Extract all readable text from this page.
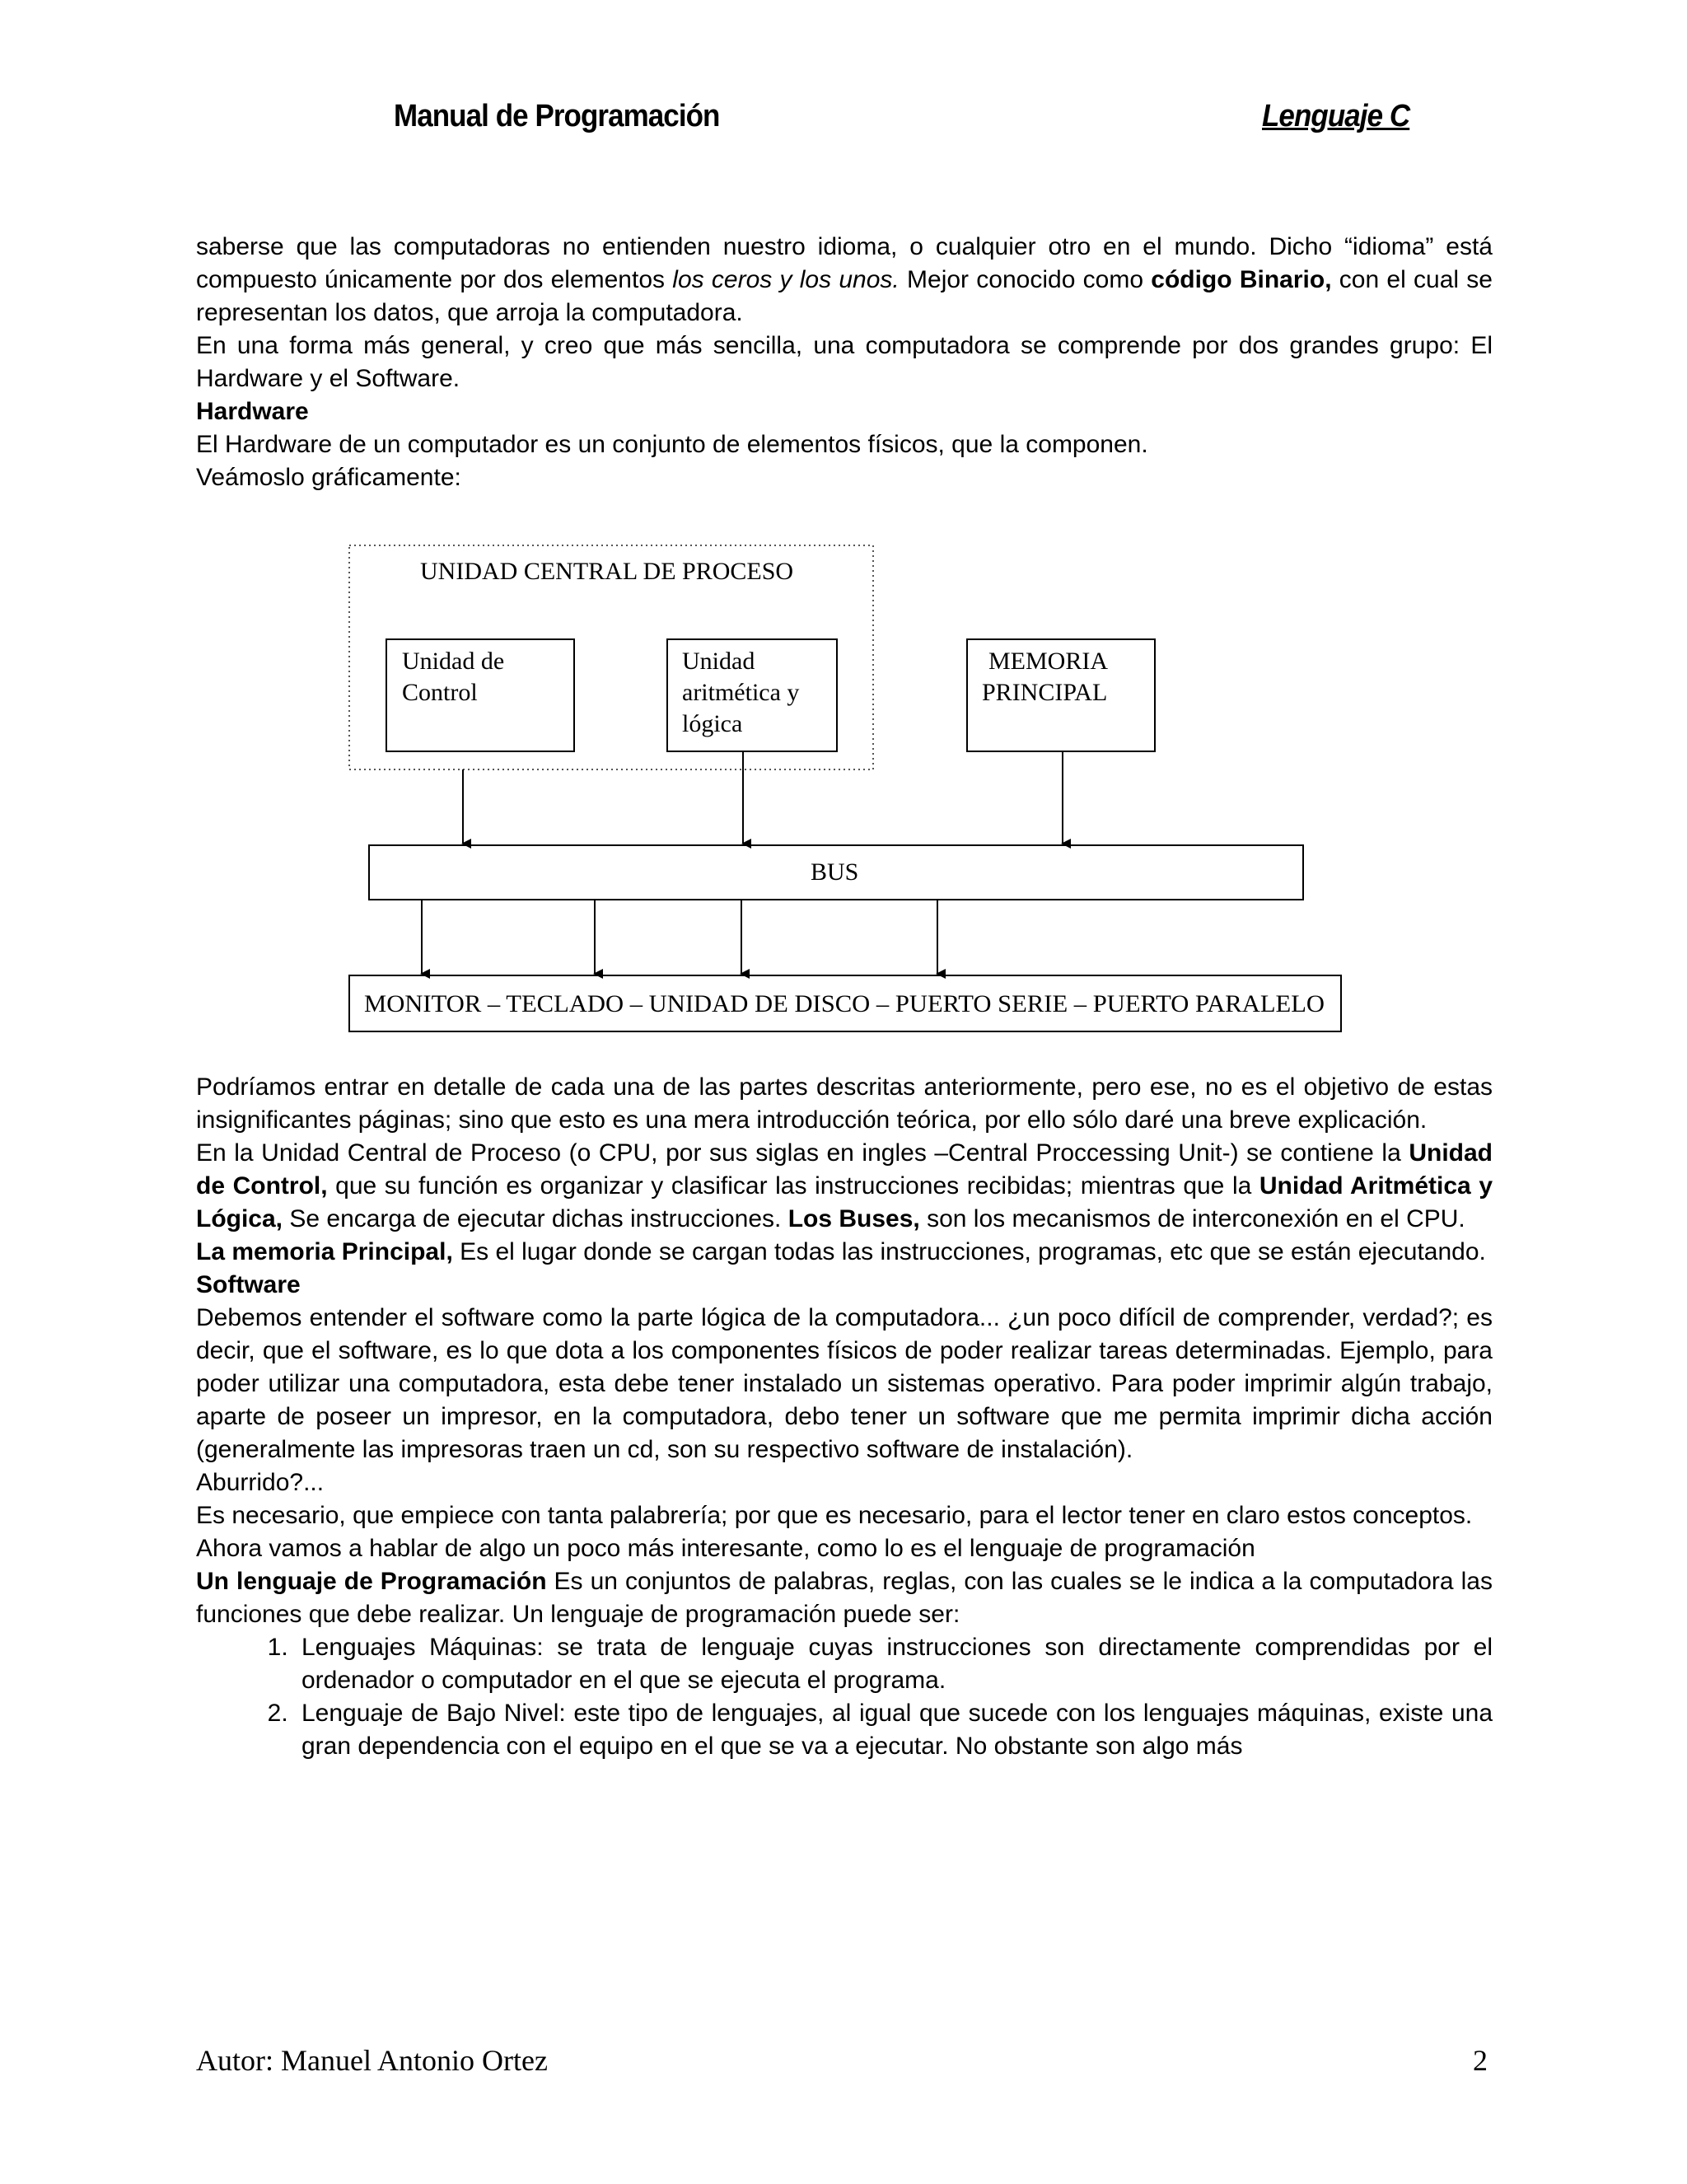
Manual de Programación	Lenguaje C

saberse que las computadoras no entienden nuestro idioma, o cualquier otro en el mundo. Dicho “idioma” está compuesto únicamente por dos elementos los ceros y los unos. Mejor conocido como código Binario, con el cual se representan los datos, que arroja la computadora.

En una forma más general, y creo que más sencilla, una computadora se comprende por dos grandes grupo: El Hardware y el Software.

Hardware

El Hardware de un computador es un conjunto de elementos físicos, que la componen.

Veámoslo gráficamente:

UNIDAD CENTRAL DE PROCESO
Unidad de
Control
Unidad
aritmética y
lógica
MEMORIA
PRINCIPAL
BUS
MONITOR – TECLADO – UNIDAD DE DISCO – PUERTO SERIE – PUERTO PARALELO

Podríamos entrar en detalle de cada una de las partes descritas anteriormente, pero ese, no es el objetivo de estas insignificantes páginas; sino que esto es una mera introducción teórica, por ello sólo daré una breve explicación.

En la Unidad Central de Proceso (o CPU, por sus siglas en ingles –Central Proccessing Unit-) se contiene la Unidad de Control, que su función es organizar y clasificar las instrucciones recibidas; mientras que la Unidad Aritmética y Lógica, Se encarga de ejecutar dichas instrucciones. Los Buses, son los mecanismos de interconexión en el CPU.

La memoria Principal, Es el lugar donde se cargan todas las instrucciones, programas, etc que se están ejecutando.

Software

Debemos entender el software como la parte lógica de la computadora... ¿un poco difícil de comprender, verdad?; es decir, que el software, es lo que dota a los componentes físicos de poder realizar tareas determinadas. Ejemplo, para poder utilizar una computadora, esta debe tener instalado un sistemas operativo. Para poder imprimir algún trabajo, aparte de poseer un impresor, en la computadora, debo tener un software que me permita imprimir dicha acción (generalmente las impresoras traen un cd, son su respectivo software de instalación).

Aburrido?...

Es necesario, que empiece con tanta palabrería; por que es necesario, para el lector tener en claro estos conceptos.

Ahora vamos a hablar de algo un poco más interesante, como lo es el lenguaje de programación

Un lenguaje de Programación Es un conjuntos de palabras, reglas, con las cuales se le indica a la computadora las funciones que debe realizar. Un lenguaje de programación puede ser:

1. Lenguajes Máquinas: se trata de lenguaje cuyas instrucciones son directamente comprendidas por el ordenador o computador en el que se ejecuta el programa.
2. Lenguaje de Bajo Nivel: este tipo de lenguajes, al igual que sucede con los lenguajes máquinas, existe una gran dependencia con el equipo en el que se va a ejecutar. No obstante son algo más
Autor: Manuel Antonio Ortez	2
